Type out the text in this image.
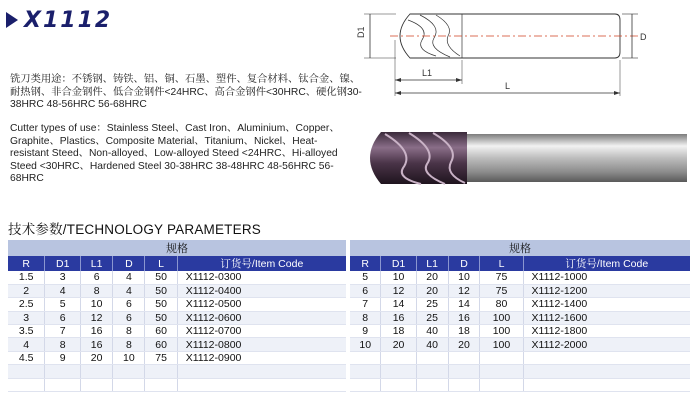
X1112	D1	D
L1
L
铣刀类用途：不锈钢、铸铁、铝、铜、石墨、塑件、复合材料、钛合金、镍、耐热钢、非合金钢件、低合金钢件<24HRC、高合金钢件<30HRC、硬化钢30-38HRC 48-56HRC 56-68HRC
Cutter types of use：Stainless Steel、Cast Iron、Aluminium、Copper、Graphite、Plastics、Composite Material、Titanium、Nickel、Heat-resistant Steed、Non-alloyed、Low-alloyed Steed <24HRC、Hi-alloyed Steed <30HRC、Hardened Steel 30-38HRC 38-48HRC 48-56HRC 56-68HRC
技术参数/TECHNOLOGY PARAMETERS
规格					
R	D1	L1	D	L	订货号/Item Code
1.5	3	6	4	50	X1112-0300
2	4	8	4	50	X1112-0400
2.5	5	10	6	50	X1112-0500
3	6	12	6	50	X1112-0600
3.5	7	16	8	60	X1112-0700
4	8	16	8	60	X1112-0800
4.5	9	20	10	75	X1112-0900

规格					
R	D1	L1	D	L	订货号/Item Code
5	10	20	10	75	X1112-1000
6	12	20	12	75	X1112-1200
7	14	25	14	80	X1112-1400
8	16	25	16	100	X1112-1600
9	18	40	18	100	X1112-1800
10	20	40	20	100	X1112-2000
